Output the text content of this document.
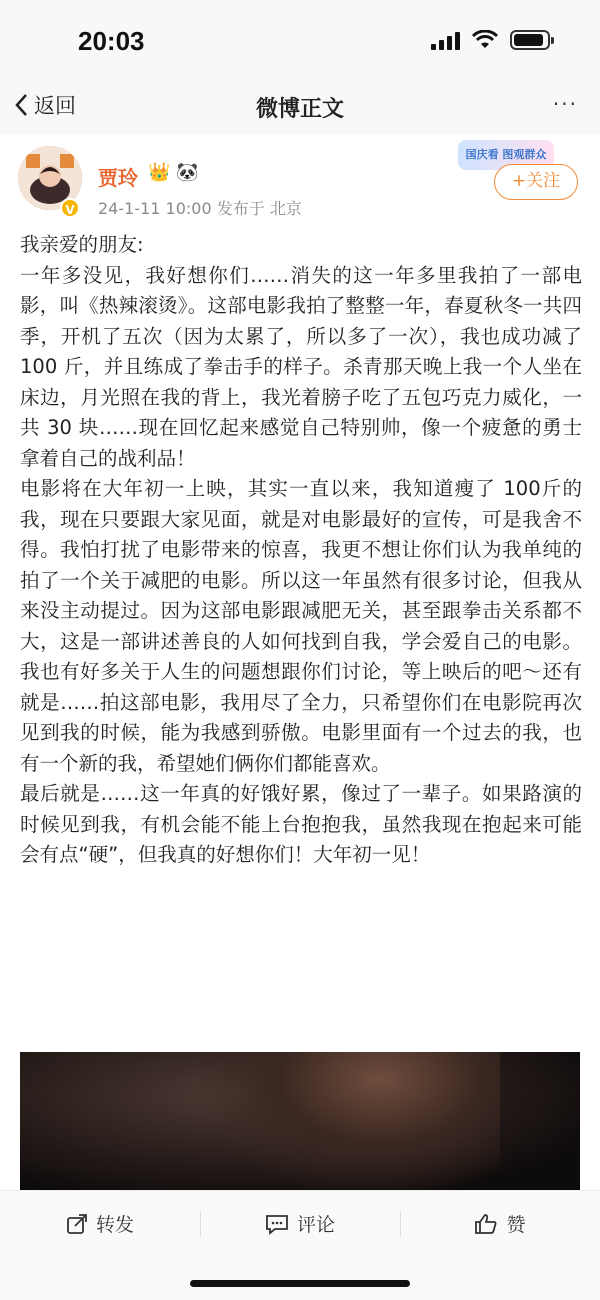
20:03
返回	微博正文	···
V
贾玲 👑 🐼
24-1-11 10:00 发布于 北京
国庆看 图观群众
+关注

我亲爱的朋友:

一年多没见，我好想你们……消失的这一年多里我拍了一部电影，叫《热辣滚烫》。这部电影我拍了整整一年，春夏秋冬一共四季，开机了五次（因为太累了，所以多了一次），我也成功减了 100 斤，并且练成了拳击手的样子。杀青那天晚上我一个人坐在床边，月光照在我的背上，我光着膀子吃了五包巧克力威化，一共 30 块……现在回忆起来感觉自己特别帅，像一个疲惫的勇士拿着自己的战利品！

电影将在大年初一上映，其实一直以来，我知道瘦了 100斤的我，现在只要跟大家见面，就是对电影最好的宣传，可是我舍不得。我怕打扰了电影带来的惊喜，我更不想让你们认为我单纯的拍了一个关于减肥的电影。所以这一年虽然有很多讨论，但我从来没主动提过。因为这部电影跟减肥无关，甚至跟拳击关系都不大，这是一部讲述善良的人如何找到自我，学会爱自己的电影。我也有好多关于人生的问题想跟你们讨论，等上映后的吧～还有就是……拍这部电影，我用尽了全力，只希望你们在电影院再次见到我的时候，能为我感到骄傲。电影里面有一个过去的我，也有一个新的我，希望她们俩你们都能喜欢。

最后就是……这一年真的好饿好累，像过了一辈子。如果路演的时候见到我，有机会能不能上台抱抱我，虽然我现在抱起来可能会有点“硬”，但我真的好想你们！大年初一见！

转发	评论	赞
